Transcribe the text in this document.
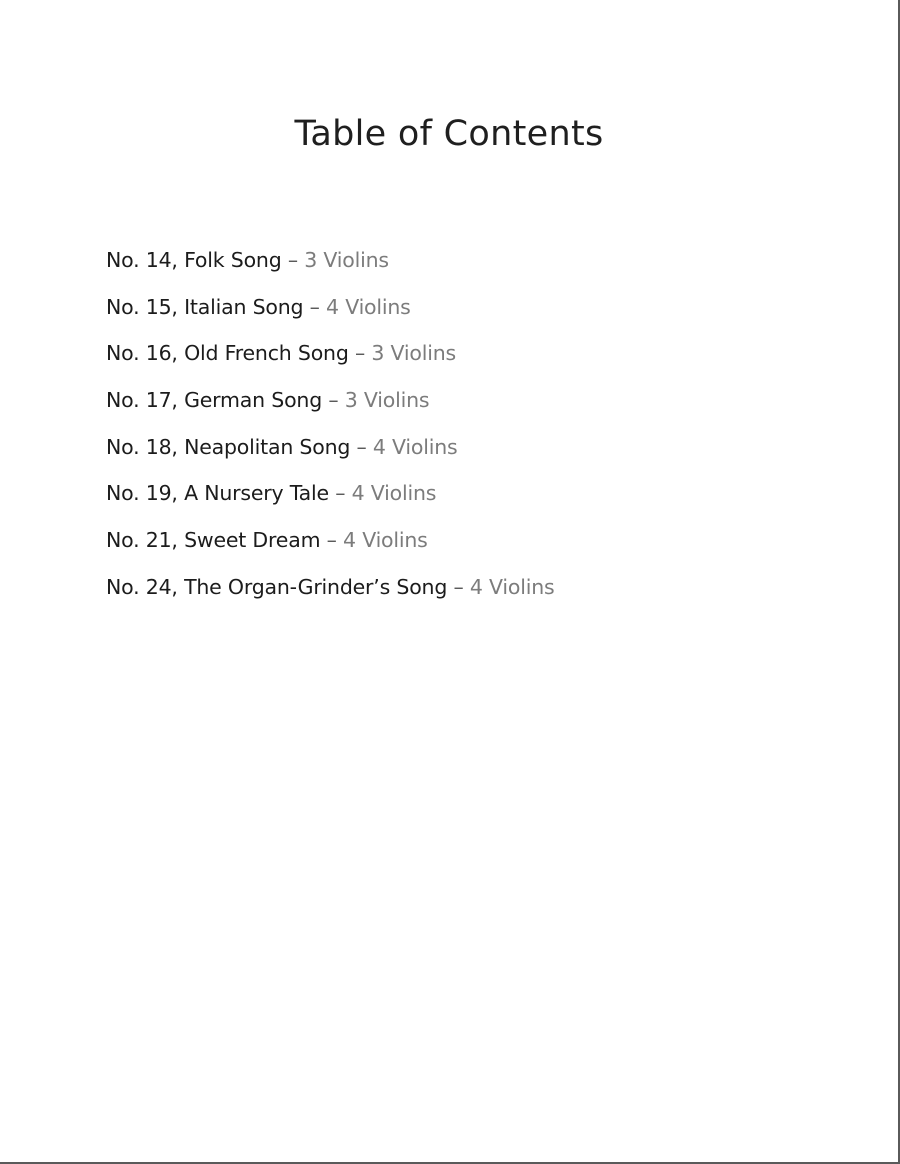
Table of Contents
No. 14, Folk Song – 3 Violins
No. 15, Italian Song – 4 Violins
No. 16, Old French Song – 3 Violins
No. 17, German Song – 3 Violins
No. 18, Neapolitan Song – 4 Violins
No. 19, A Nursery Tale – 4 Violins
No. 21, Sweet Dream – 4 Violins
No. 24, The Organ-Grinder’s Song – 4 Violins
